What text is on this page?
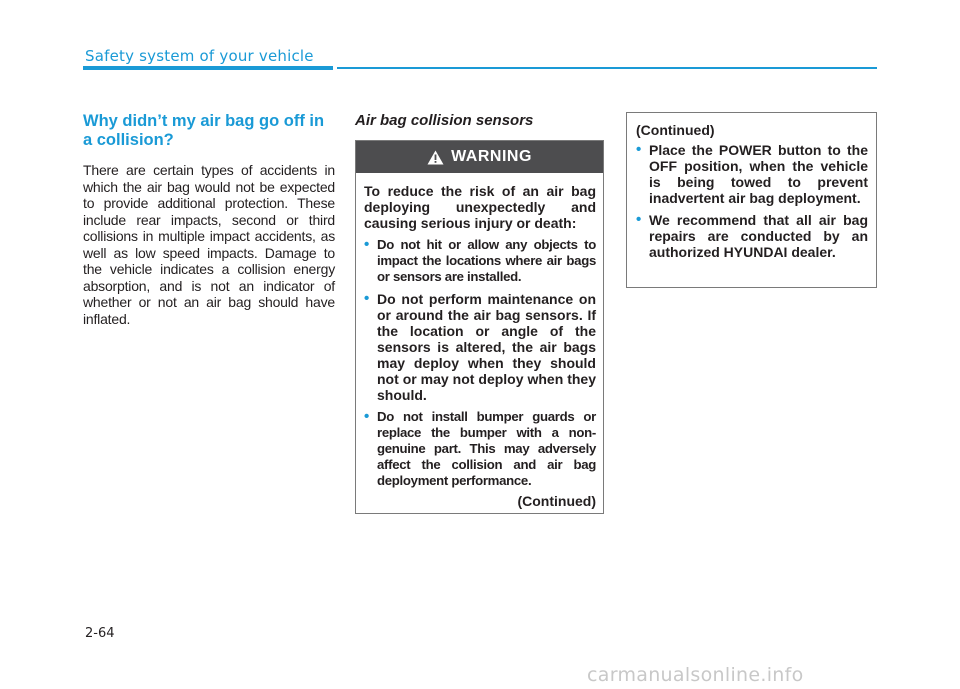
Safety system of your vehicle
Why didn’t my air bag go off in a collision?

There are certain types of accidents in which the air bag would not be expected to provide additional protection. These include rear impacts, second or third collisions in multiple impact accidents, as well as low speed impacts. Damage to the vehicle indicates a collision energy absorption, and is not an indicator of whether or not an air bag should have inflated.

Air bag collision sensors
WARNING

To reduce the risk of an air bag deploying unexpectedly and causing serious injury or death:

• Do not hit or allow any objects to impact the locations where air bags or sensors are installed.
• Do not perform maintenance on or around the air bag sensors. If the location or angle of the sensors is altered, the air bags may deploy when they should not or may not deploy when they should.
• Do not install bumper guards or replace the bumper with a non-genuine part. This may adversely affect the collision and air bag deployment performance.
(Continued)

(Continued)

• Place the POWER button to the OFF position, when the vehicle is being towed to prevent inadvertent air bag deployment.
• We recommend that all air bag repairs are conducted by an authorized HYUNDAI dealer.
2-64
carmanualsonline.info
